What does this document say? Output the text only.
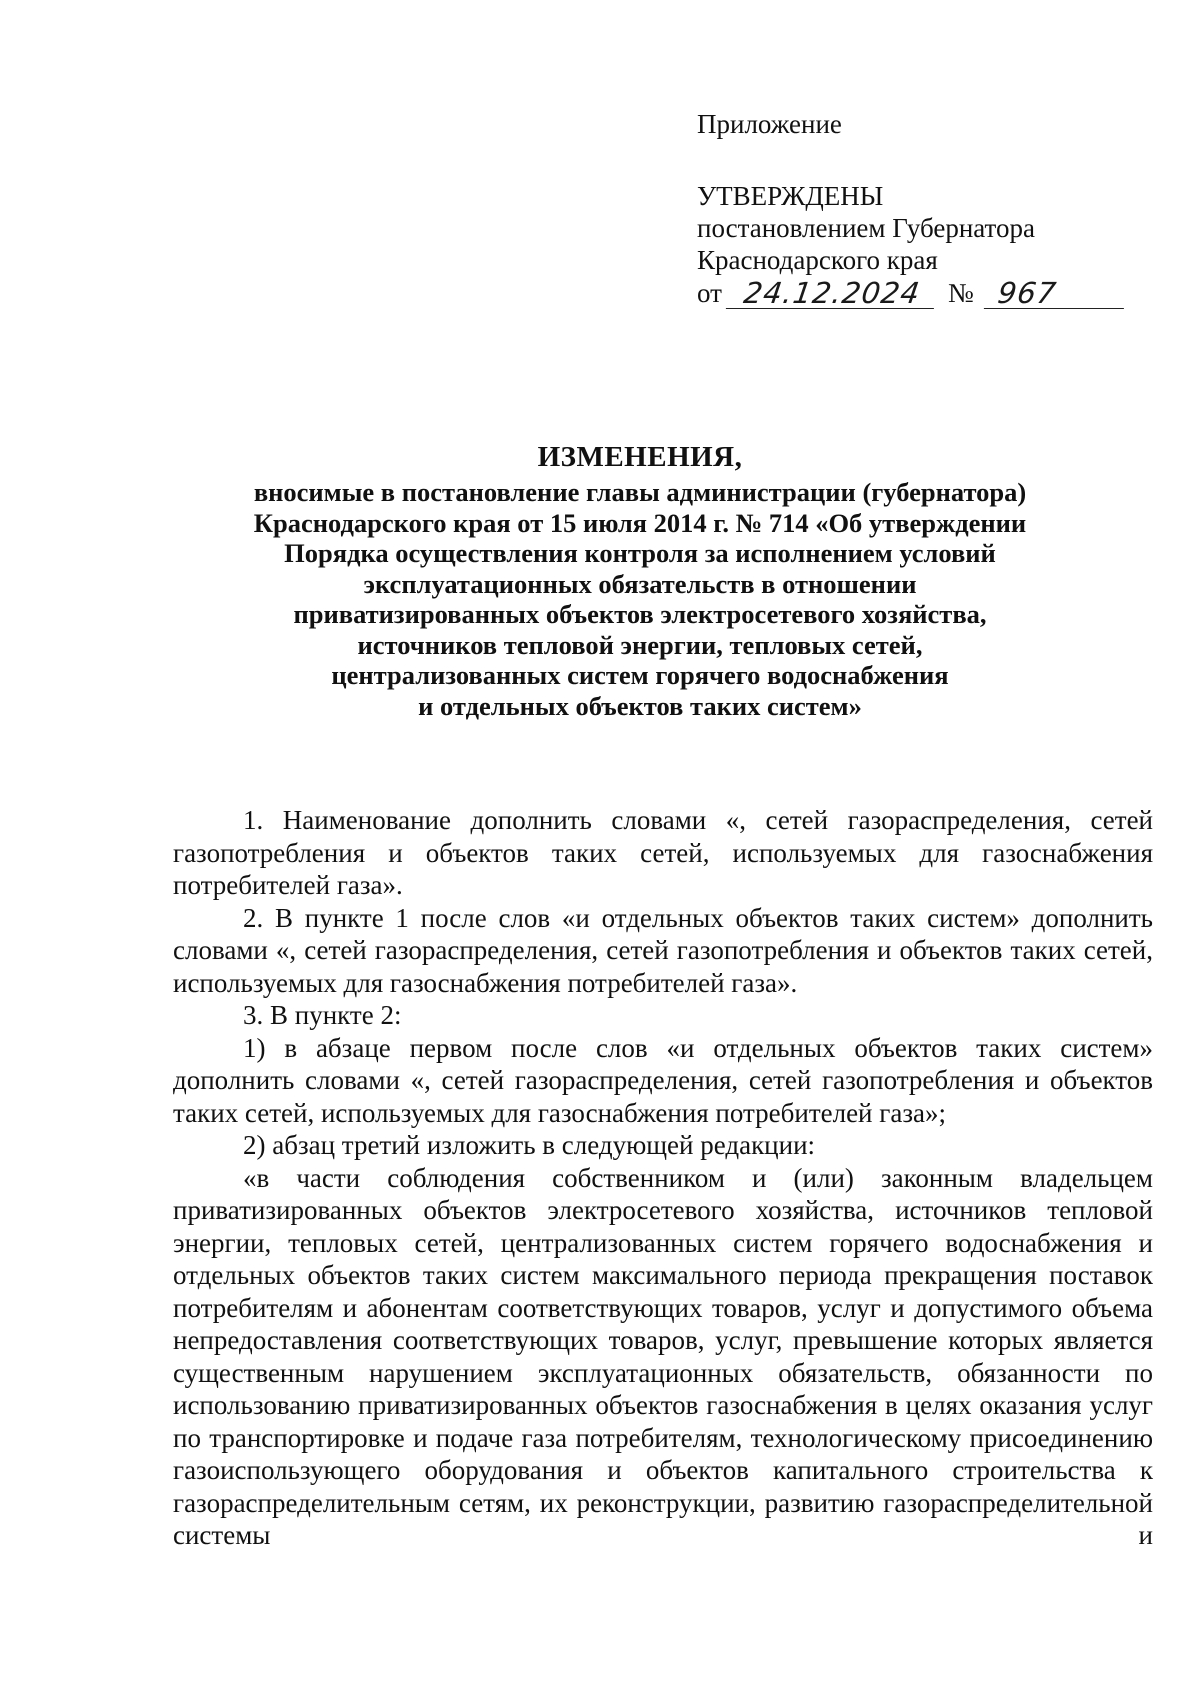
Приложение
УТВЕРЖДЕНЫ
постановлением Губернатора
Краснодарского края
от 24.12.2024 № 967
ИЗМЕНЕНИЯ,
вносимые в постановление главы администрации (губернатора)
Краснодарского края от 15 июля 2014 г. № 714 «Об утверждении
Порядка осуществления контроля за исполнением условий
эксплуатационных обязательств в отношении
приватизированных объектов электросетевого хозяйства,
источников тепловой энергии, тепловых сетей,
централизованных систем горячего водоснабжения
и отдельных объектов таких систем»

1. Наименование дополнить словами «, сетей газораспределения, сетей газопотребления и объектов таких сетей, используемых для газоснабжения потребителей газа».

2. В пункте 1 после слов «и отдельных объектов таких систем» дополнить словами «, сетей газораспределения, сетей газопотребления и объектов таких сетей, используемых для газоснабжения потребителей газа».

3. В пункте 2:

1) в абзаце первом после слов «и отдельных объектов таких систем» дополнить словами «, сетей газораспределения, сетей газопотребления и объектов таких сетей, используемых для газоснабжения потребителей газа»;

2) абзац третий изложить в следующей редакции:

«в части соблюдения собственником и (или) законным владельцем приватизированных объектов электросетевого хозяйства, источников тепловой энергии, тепловых сетей, централизованных систем горячего водоснабжения и отдельных объектов таких систем максимального периода прекращения поставок потребителям и абонентам соответствующих товаров, услуг и допустимого объема непредоставления соответствующих товаров, услуг, превышение которых является существенным нарушением эксплуатационных обязательств, обязанности по использованию приватизированных объектов газоснабжения в целях оказания услуг по транспортировке и подаче газа потребителям, технологическому присоединению газоиспользующего оборудования и объектов капитального строительства к газораспределительным сетям, их реконструкции, развитию газораспределительной системы и
